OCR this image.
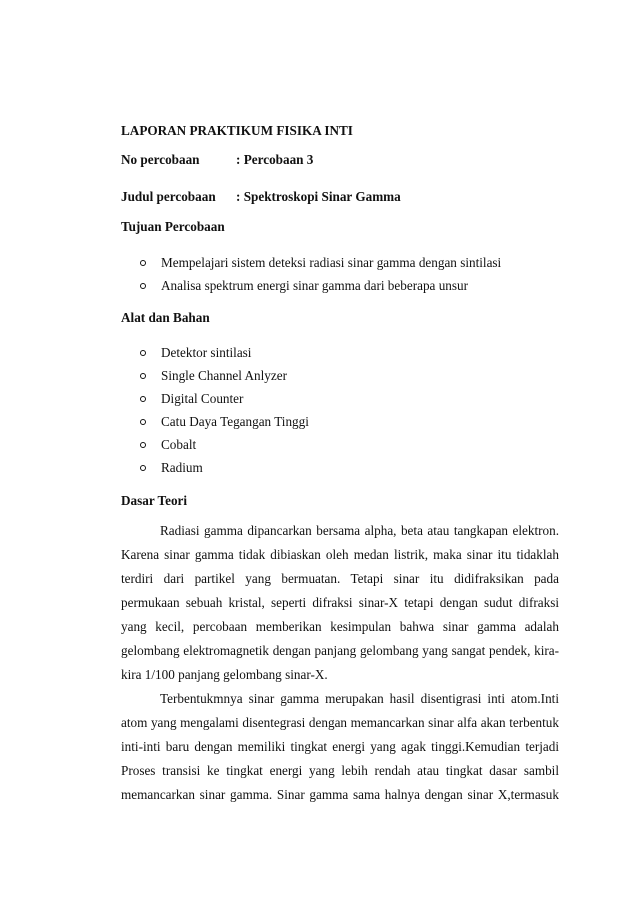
LAPORAN PRAKTIKUM FISIKA INTI
No percobaan	: Percobaan 3
Judul percobaan : Spektroskopi Sinar Gamma
Tujuan Percobaan
Mempelajari sistem deteksi radiasi sinar gamma dengan sintilasi
Analisa spektrum energi sinar gamma dari beberapa unsur
Alat dan Bahan
Detektor sintilasi
Single Channel Anlyzer
Digital Counter
Catu Daya Tegangan Tinggi
Cobalt
Radium
Dasar Teori
Radiasi gamma dipancarkan bersama alpha, beta atau tangkapan elektron.
Karena sinar gamma tidak dibiaskan oleh medan listrik, maka sinar itu tidaklah
terdiri dari partikel yang bermuatan. Tetapi sinar itu didifraksikan pada
permukaan sebuah kristal, seperti difraksi sinar-X tetapi dengan sudut difraksi
yang kecil, percobaan memberikan kesimpulan bahwa sinar gamma adalah
gelombang elektromagnetik dengan panjang gelombang yang sangat pendek, kira-
kira 1/100 panjang gelombang sinar-X.
Terbentukmnya sinar gamma merupakan hasil disentigrasi inti atom.Inti
atom yang mengalami disentegrasi dengan memancarkan sinar alfa akan terbentuk
inti-inti baru dengan memiliki tingkat energi yang agak tinggi.Kemudian terjadi
Proses transisi ke tingkat energi yang lebih rendah atau tingkat dasar sambil
memancarkan sinar gamma. Sinar gamma sama halnya dengan sinar X,termasuk
